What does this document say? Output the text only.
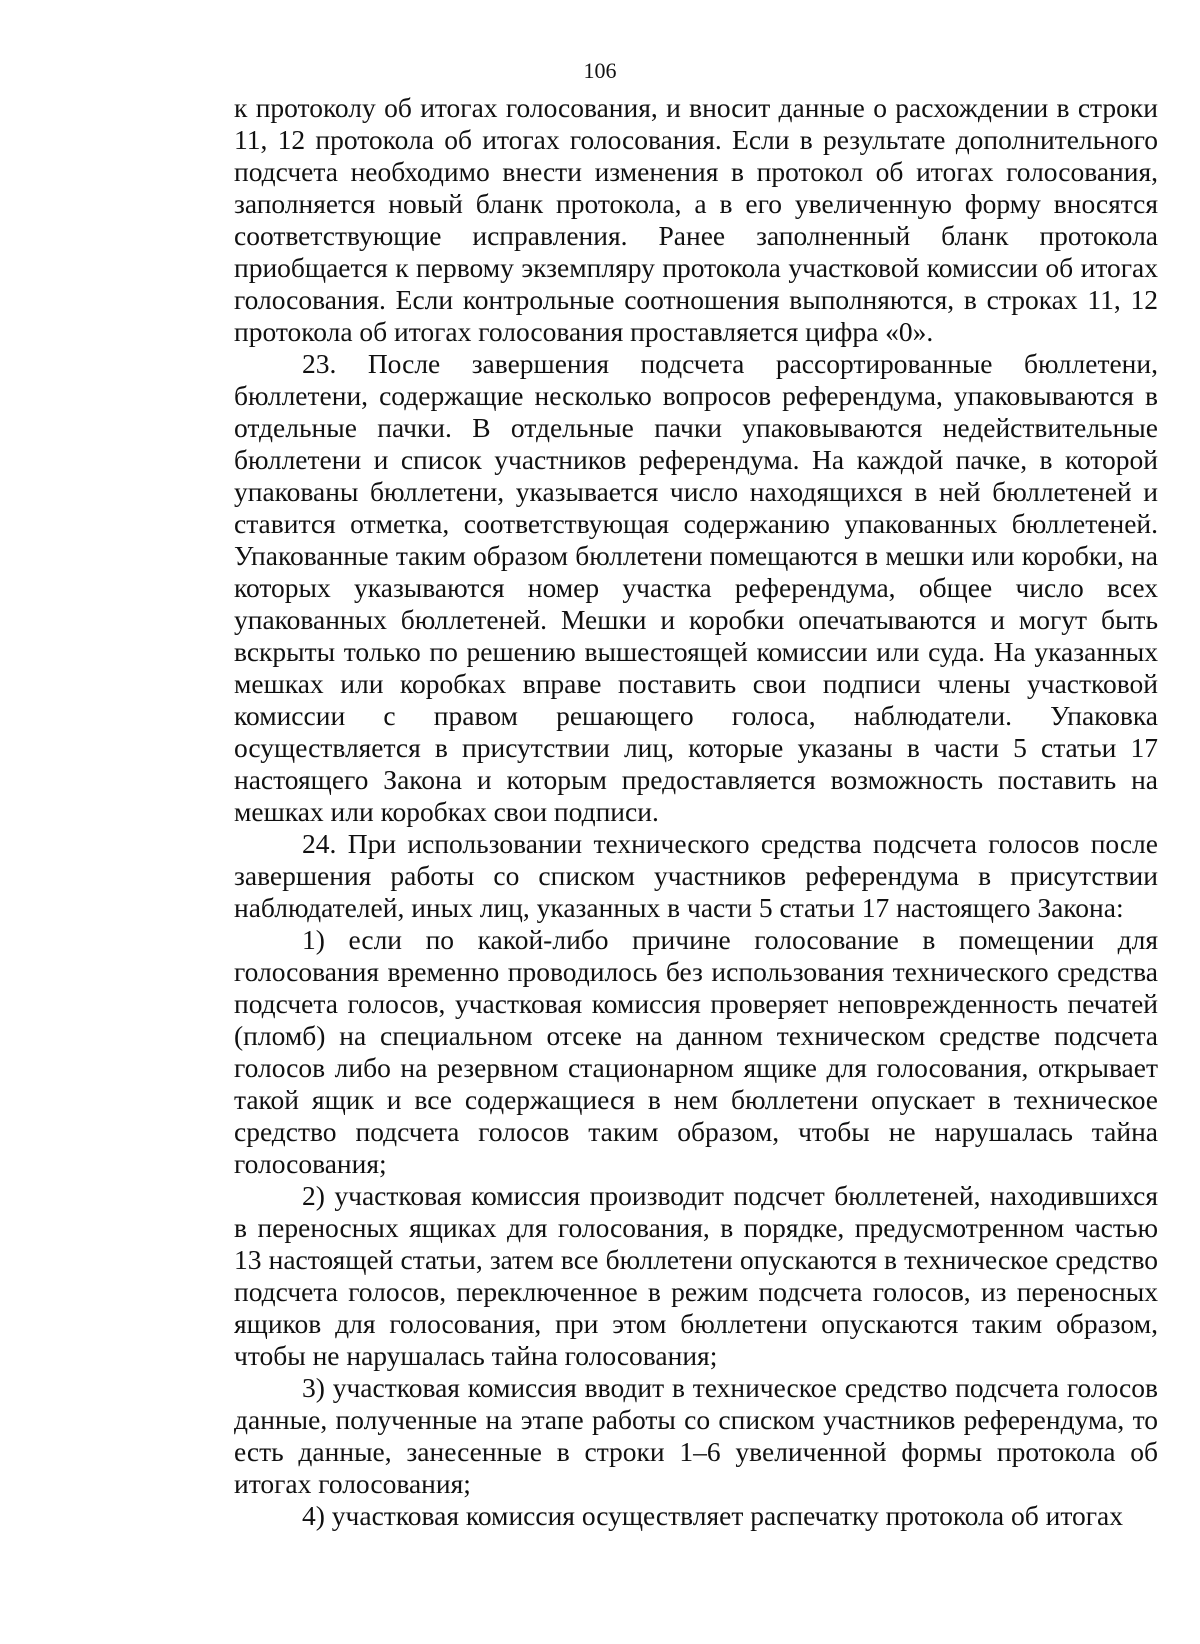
106

к протоколу об итогах голосования, и вносит данные о расхождении в строки 11, 12 протокола об итогах голосования. Если в результате дополнительного подсчета необходимо внести изменения в протокол об итогах голосования, заполняется новый бланк протокола, а в его увеличенную форму вносятся соответствующие исправления. Ранее заполненный бланк протокола приобщается к первому экземпляру протокола участковой комиссии об итогах голосования. Если контрольные соотношения выполняются, в строках 11, 12 протокола об итогах голосования проставляется цифра «0».

23. После завершения подсчета рассортированные бюллетени, бюллетени, содержащие несколько вопросов референдума, упаковываются в отдельные пачки. В отдельные пачки упаковываются недействительные бюллетени и список участников референдума. На каждой пачке, в которой упакованы бюллетени, указывается число находящихся в ней бюллетеней и ставится отметка, соответствующая содержанию упакованных бюллетеней. Упакованные таким образом бюллетени помещаются в мешки или коробки, на которых указываются номер участка референдума, общее число всех упакованных бюллетеней. Мешки и коробки опечатываются и могут быть вскрыты только по решению вышестоящей комиссии или суда. На указанных мешках или коробках вправе поставить свои подписи члены участковой комиссии с правом решающего голоса, наблюдатели. Упаковка осуществляется в присутствии лиц, которые указаны в части 5 статьи 17 настоящего Закона и которым предоставляется возможность поставить на мешках или коробках свои подписи.

24. При использовании технического средства подсчета голосов после завершения работы со списком участников референдума в присутствии наблюдателей, иных лиц, указанных в части 5 статьи 17 настоящего Закона:

1) если по какой-либо причине голосование в помещении для голосования временно проводилось без использования технического средства подсчета голосов, участковая комиссия проверяет неповрежденность печатей (пломб) на специальном отсеке на данном техническом средстве подсчета голосов либо на резервном стационарном ящике для голосования, открывает такой ящик и все содержащиеся в нем бюллетени опускает в техническое средство подсчета голосов таким образом, чтобы не нарушалась тайна голосования;

2) участковая комиссия производит подсчет бюллетеней, находившихся в переносных ящиках для голосования, в порядке, предусмотренном частью 13 настоящей статьи, затем все бюллетени опускаются в техническое средство подсчета голосов, переключенное в режим подсчета голосов, из переносных ящиков для голосования, при этом бюллетени опускаются таким образом, чтобы не нарушалась тайна голосования;

3) участковая комиссия вводит в техническое средство подсчета голосов данные, полученные на этапе работы со списком участников референдума, то есть данные, занесенные в строки 1–6 увеличенной формы протокола об итогах голосования;

4) участковая комиссия осуществляет распечатку протокола об итогах
